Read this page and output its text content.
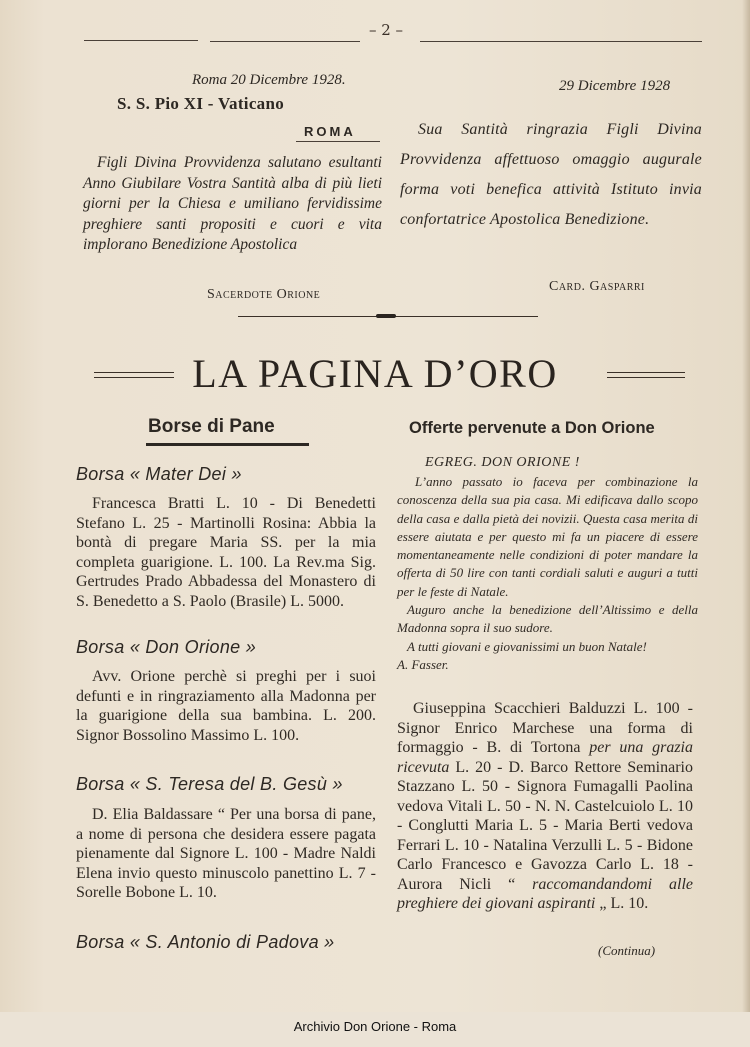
– 2 –
Roma 20 Dicembre 1928.
S. S. Pio XI - Vaticano
ROMA
Figli Divina Provvidenza salutano esultanti Anno Giubilare Vostra Santità alba di più lieti giorni per la Chiesa e umiliano fervidissime preghiere santi propositi e cuori e vita implorano Benedizione Apostolica
Sacerdote Orione
29 Dicembre 1928
Sua Santità ringrazia Figli Divina Provvidenza affettuoso omaggio augurale forma voti benefica attività Istituto invia confortatrice Apostolica Benedizione.
Card. Gasparri
LA PAGINA D’ORO
Borse di Pane
Borsa « Mater Dei »
Francesca Bratti L. 10 - Di Benedetti Stefano L. 25 - Martinolli Rosina: Abbia la bontà di pregare Maria SS. per la mia completa guarigione. L. 100. La Rev.ma Sig. Gertrudes Prado Abbadessa del Monastero di S. Benedetto a S. Paolo (Brasile) L. 5000.
Borsa « Don Orione »
Avv. Orione perchè si preghi per i suoi defunti e in ringraziamento alla Madonna per la guarigione della sua bambina. L. 200. Signor Bossolino Massimo L. 100.
Borsa « S. Teresa del B. Gesù »
D. Elia Baldassare “ Per una borsa di pane, a nome di persona che desidera essere pagata pienamente dal Signore L. 100 - Madre Naldi Elena invio questo minuscolo panettino L. 7 - Sorelle Bobone L. 10.
Borsa « S. Antonio di Padova »
Offerte pervenute a Don Orione
EGREG. DON ORIONE !

L’anno passato io faceva per combinazione la conoscenza della sua pia casa. Mi edificava dallo scopo della casa e dalla pietà dei novizii. Questa casa merita di essere aiutata e per questo mi fa un piacere di essere momentaneamente nelle condizioni di poter mandare la offerta di 50 lire con tanti cordiali saluti e auguri a tutti per le feste di Natale.

Auguro anche la benedizione dell’Altissimo e della Madonna sopra il suo sudore.

A tutti giovani e giovanissimi un buon Natale!

A. Fasser.

Giuseppina Scacchieri Balduzzi L. 100 - Signor Enrico Marchese una forma di formaggio - B. di Tortona per una grazia ricevuta L. 20 - D. Barco Rettore Seminario Stazzano L. 50 - Signora Fumagalli Paolina vedova Vitali L. 50 - N. N. Castelcuiolo L. 10 - Conglutti Maria L. 5 - Maria Berti vedova Ferrari L. 10 - Natalina Verzulli L. 5 - Bidone Carlo Francesco e Gavozza Carlo L. 18 - Aurora Nicli “ raccomandandomi alle preghiere dei giovani aspiranti „ L. 10.
(Continua)
Archivio Don Orione - Roma
